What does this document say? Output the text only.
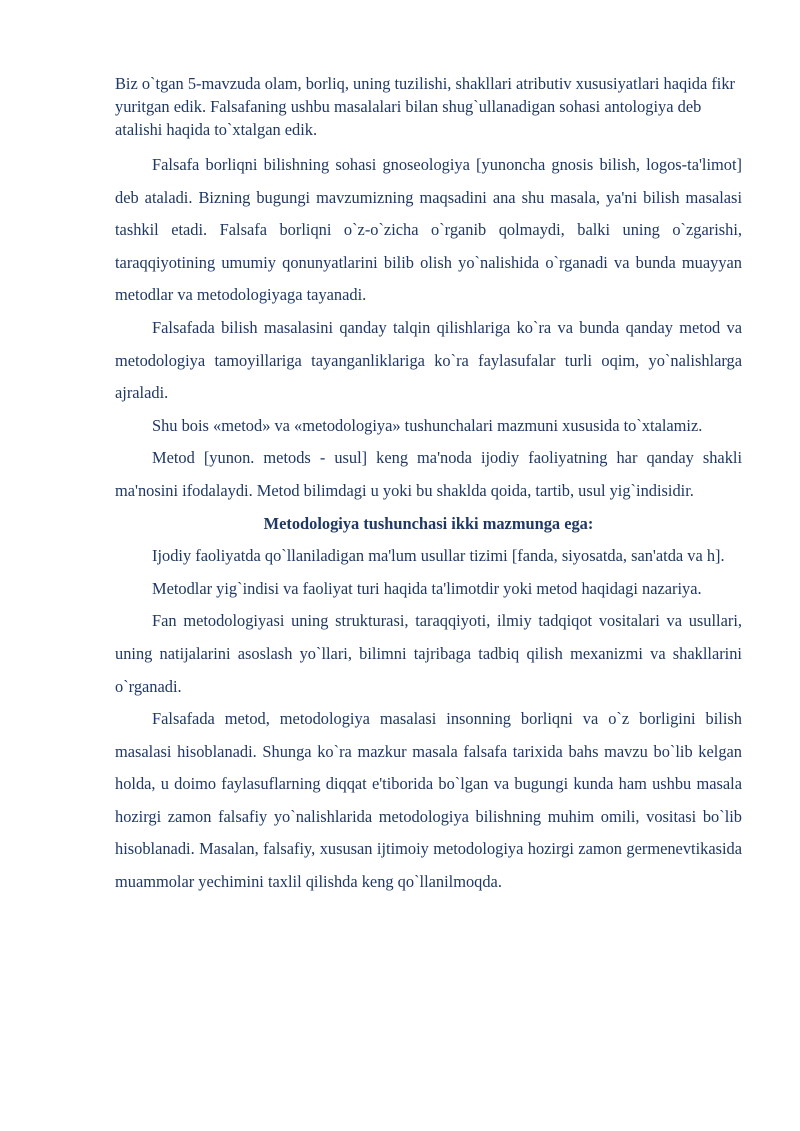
Biz o`tgan 5-mavzuda olam, borliq, uning tuzilishi, shakllari atributiv xususiyatlari haqida fikr yuritgan edik. Falsafaning ushbu masalalari bilan shug`ullanadigan sohasi antologiya deb atalishi haqida to`xtalgan edik.

Falsafa borliqni bilishning sohasi gnoseologiya [yunoncha gnosis bilish, logos-ta'limot] deb ataladi. Bizning bugungi mavzumizning maqsadini ana shu masala, ya'ni bilish masalasi tashkil etadi. Falsafa borliqni o`z-o`zicha o`rganib qolmaydi, balki uning o`zgarishi, taraqqiyotining umumiy qonunyatlarini bilib olish yo`nalishida o`rganadi va bunda muayyan metodlar va metodologiyaga tayanadi.

Falsafada bilish masalasini qanday talqin qilishlariga ko`ra va bunda qanday metod va metodologiya tamoyillariga tayanganliklariga ko`ra faylasufalar turli oqim, yo`nalishlarga ajraladi.

Shu bois «metod» va «metodologiya» tushunchalari mazmuni xususida to`xtalamiz.

Metod [yunon. metods - usul] keng ma'noda ijodiy faoliyatning har qanday shakli ma'nosini ifodalaydi. Metod bilimdagi u yoki bu shaklda qoida, tartib, usul yig`indisidir.

Metodologiya tushunchasi ikki mazmunga ega:

Ijodiy faoliyatda qo`llaniladigan ma'lum usullar tizimi [fanda, siyosatda, san'atda va h].

Metodlar yig`indisi va faoliyat turi haqida ta'limotdir yoki metod haqidagi nazariya.

Fan metodologiyasi uning strukturasi, taraqqiyoti, ilmiy tadqiqot vositalari va usullari, uning natijalarini asoslash yo`llari, bilimni tajribaga tadbiq qilish mexanizmi va shakllarini o`rganadi.

Falsafada metod, metodologiya masalasi insonning borliqni va o`z borligini bilish masalasi hisoblanadi. Shunga ko`ra mazkur masala falsafa tarixida bahs mavzu bo`lib kelgan holda, u doimo faylasuflarning diqqat e'tiborida bo`lgan va bugungi kunda ham ushbu masala hozirgi zamon falsafiy yo`nalishlarida metodologiya bilishning muhim omili, vositasi bo`lib hisoblanadi. Masalan, falsafiy, xususan ijtimoiy metodologiya hozirgi zamon germenevtikasida muammolar yechimini taxlil qilishda keng qo`llanilmoqda.
